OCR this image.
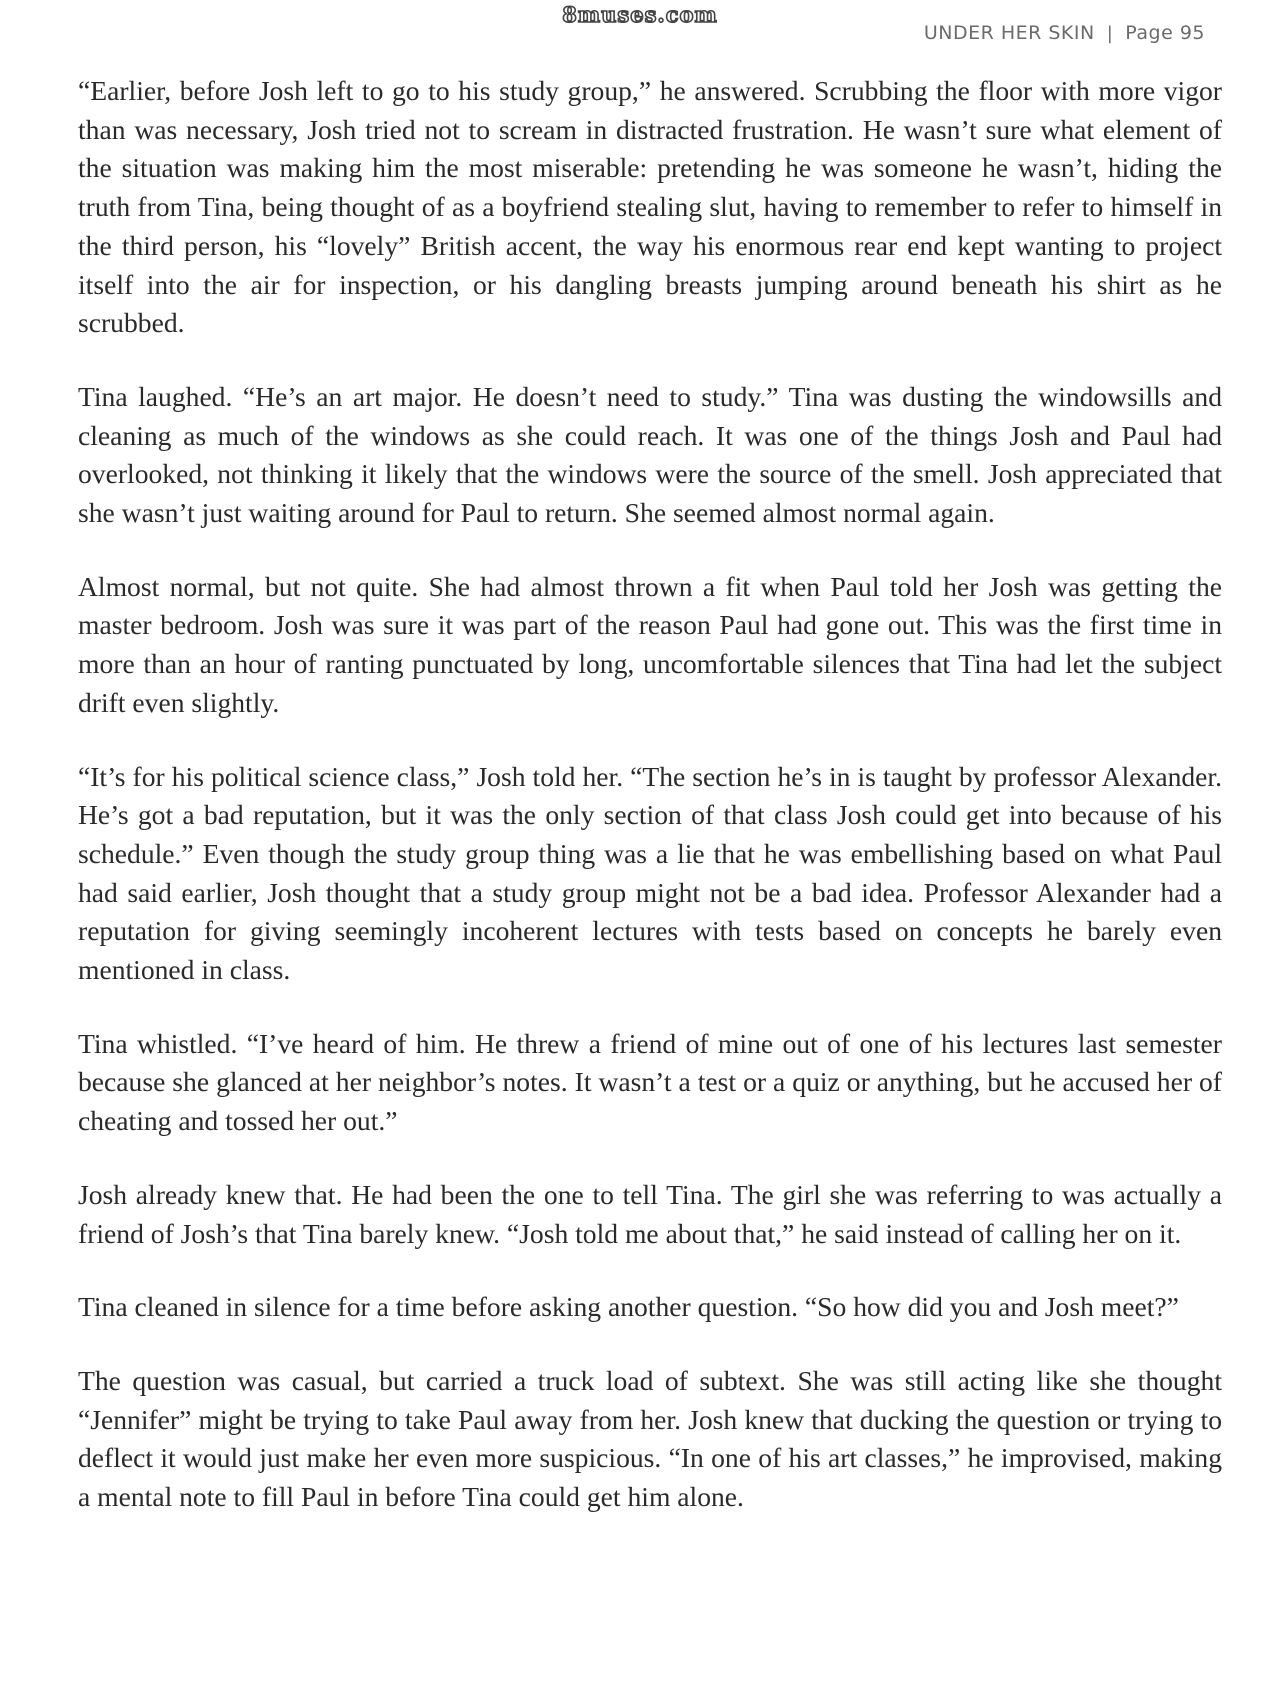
8muses.com
UNDER HER SKIN | Page 95

“Earlier, before Josh left to go to his study group,” he answered. Scrubbing the floor with more vigor than was necessary, Josh tried not to scream in distracted frustration. He wasn’t sure what element of the situation was making him the most miserable: pretending he was someone he wasn’t, hiding the truth from Tina, being thought of as a boyfriend stealing slut, having to remember to refer to himself in the third person, his “lovely” British accent, the way his enormous rear end kept wanting to project itself into the air for inspection, or his dangling breasts jumping around beneath his shirt as he scrubbed.

Tina laughed. “He’s an art major. He doesn’t need to study.” Tina was dusting the windowsills and cleaning as much of the windows as she could reach. It was one of the things Josh and Paul had overlooked, not thinking it likely that the windows were the source of the smell. Josh appreciated that she wasn’t just waiting around for Paul to return. She seemed almost normal again.

Almost normal, but not quite. She had almost thrown a fit when Paul told her Josh was getting the master bedroom. Josh was sure it was part of the reason Paul had gone out. This was the first time in more than an hour of ranting punctuated by long, uncomfortable silences that Tina had let the subject drift even slightly.

“It’s for his political science class,” Josh told her. “The section he’s in is taught by professor Alexander. He’s got a bad reputation, but it was the only section of that class Josh could get into because of his schedule.” Even though the study group thing was a lie that he was embellishing based on what Paul had said earlier, Josh thought that a study group might not be a bad idea. Professor Alexander had a reputation for giving seemingly incoherent lectures with tests based on concepts he barely even mentioned in class.

Tina whistled. “I’ve heard of him. He threw a friend of mine out of one of his lectures last semester because she glanced at her neighbor’s notes. It wasn’t a test or a quiz or anything, but he accused her of cheating and tossed her out.”

Josh already knew that. He had been the one to tell Tina. The girl she was referring to was actually a friend of Josh’s that Tina barely knew. “Josh told me about that,” he said instead of calling her on it.

Tina cleaned in silence for a time before asking another question. “So how did you and Josh meet?”

The question was casual, but carried a truck load of subtext. She was still acting like she thought “Jennifer” might be trying to take Paul away from her. Josh knew that ducking the question or trying to deflect it would just make her even more suspicious. “In one of his art classes,” he improvised, making a mental note to fill Paul in before Tina could get him alone.
